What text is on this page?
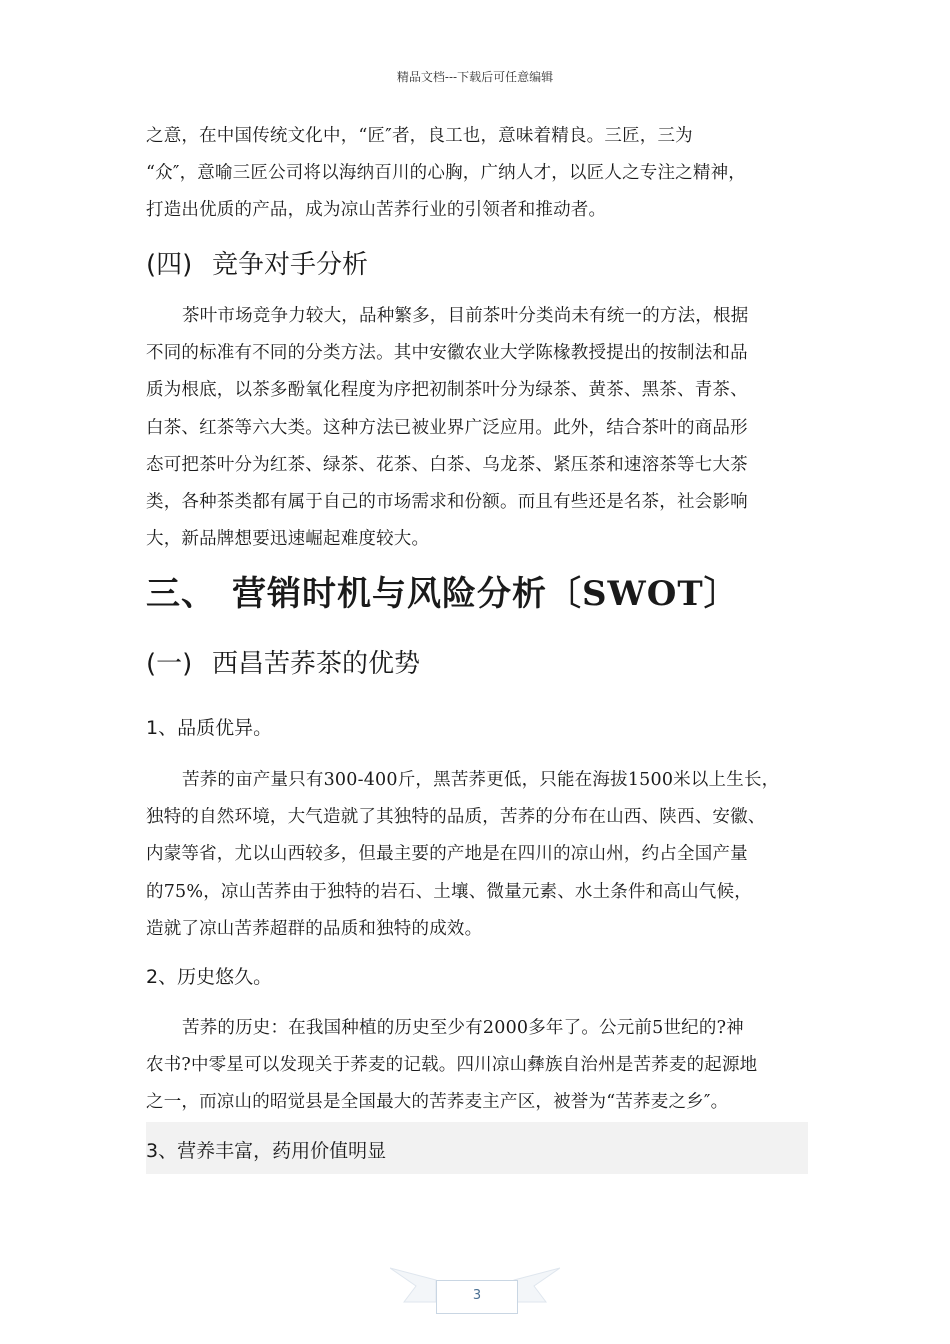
精品文档---下载后可任意编辑

之意，在中国传统文化中，“匠″者，良工也，意味着精良。三匠，三为
“众″，意喻三匠公司将以海纳百川的心胸，广纳人才，以匠人之专注之精神，
打造出优质的产品，成为凉山苦荞行业的引领者和推动者。

(四) 竞争对手分析

茶叶市场竞争力较大，品种繁多，目前茶叶分类尚未有统一的方法，根据
不同的标准有不同的分类方法。其中安徽农业大学陈椽教授提出的按制法和品
质为根底，以茶多酚氧化程度为序把初制茶叶分为绿茶、黄茶、黑茶、青茶、
白茶、红茶等六大类。这种方法已被业界广泛应用。此外，结合茶叶的商品形
态可把茶叶分为红茶、绿茶、花茶、白茶、乌龙茶、紧压茶和速溶茶等七大茶
类，各种茶类都有属于自己的市场需求和份额。而且有些还是名茶，社会影响
大，新品牌想要迅速崛起难度较大。

三、 营销时机与风险分析〔SWOT〕
(一) 西昌苦荞茶的优势
1、品质优异。

苦荞的亩产量只有300-400斤，黑苦荞更低，只能在海拔1500米以上生长，
独特的自然环境，大气造就了其独特的品质，苦荞的分布在山西、陕西、安徽、
内蒙等省，尤以山西较多，但最主要的产地是在四川的凉山州，约占全国产量
的75%，凉山苦荞由于独特的岩石、土壤、微量元素、水土条件和高山气候，
造就了凉山苦荞超群的品质和独特的成效。

2、历史悠久。

苦荞的历史：在我国种植的历史至少有2000多年了。公元前5世纪的?神
农书?中零星可以发现关于荞麦的记载。四川凉山彝族自治州是苦荞麦的起源地
之一，而凉山的昭觉县是全国最大的苦荞麦主产区，被誉为“苦荞麦之乡″。

3、营养丰富，药用价值明显
3
